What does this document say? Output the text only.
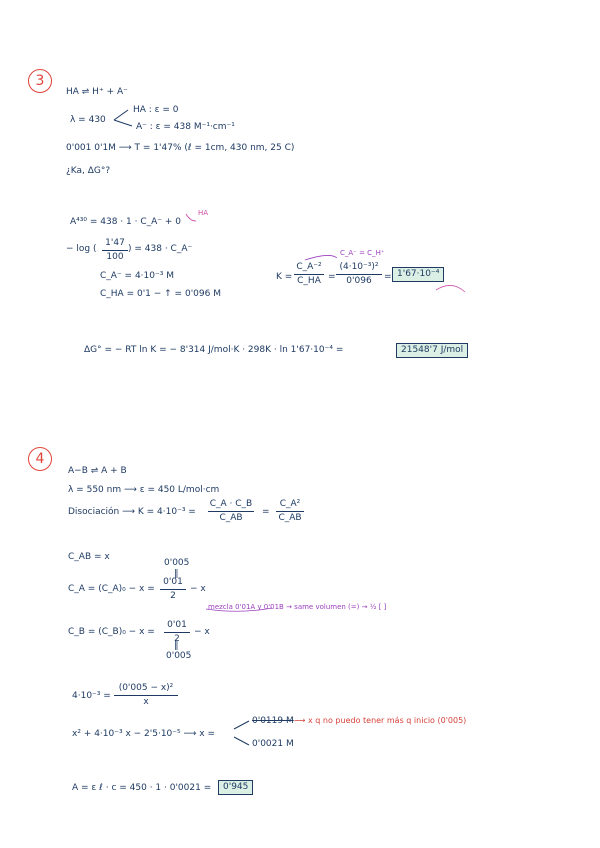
3
HA ⇌ H⁺ + A⁻
λ = 430
HA : ε = 0
A⁻ : ε = 438 M⁻¹·cm⁻¹
0'001 0'1M ⟶ T = 1'47% (ℓ = 1cm, 430 nm, 25 C)
¿Ka, ΔG°?
A⁴³⁰ = 438 · 1 · C_A⁻ + 0
HA
− log (
1'47
100
) = 438 · C_A⁻
C_A⁻ = 4·10⁻³ M
C_HA = 0'1 − ↑ = 0'096 M
C_A⁻ = C_H⁺
K =
C_A⁻²
C_HA =
(4·10⁻³)²
0'096	= 1'67·10⁻⁴
ΔG° = − RT ln K = − 8'314 J/mol·K · 298K · ln 1'67·10⁻⁴ =	21548'7 J/mol
4
A−B ⇌ A + B
λ = 550 nm ⟶ ε = 450 L/mol·cm
Disociación ⟶ K = 4·10⁻³ =
C_A · C_B
C_AB
=
C_A²
C_AB
C_AB = x
0'005
‖
C_A = (C_A)₀ − x =
0'01
2
− x
mezcla 0'01A y 0'01B → same volumen (=) → ½ [ ]
C_B = (C_B)₀ − x =
0'01
2
− x
‖
0'005
4·10⁻³ =
(0'005 − x)²
x
x² + 4·10⁻³ x − 2'5·10⁻⁵ ⟶ x =
0'0119 M ⟶ x q no puedo tener más q inicio (0'005)
0'0021 M
A = ε ℓ · c = 450 · 1 · 0'0021 =	0'945
